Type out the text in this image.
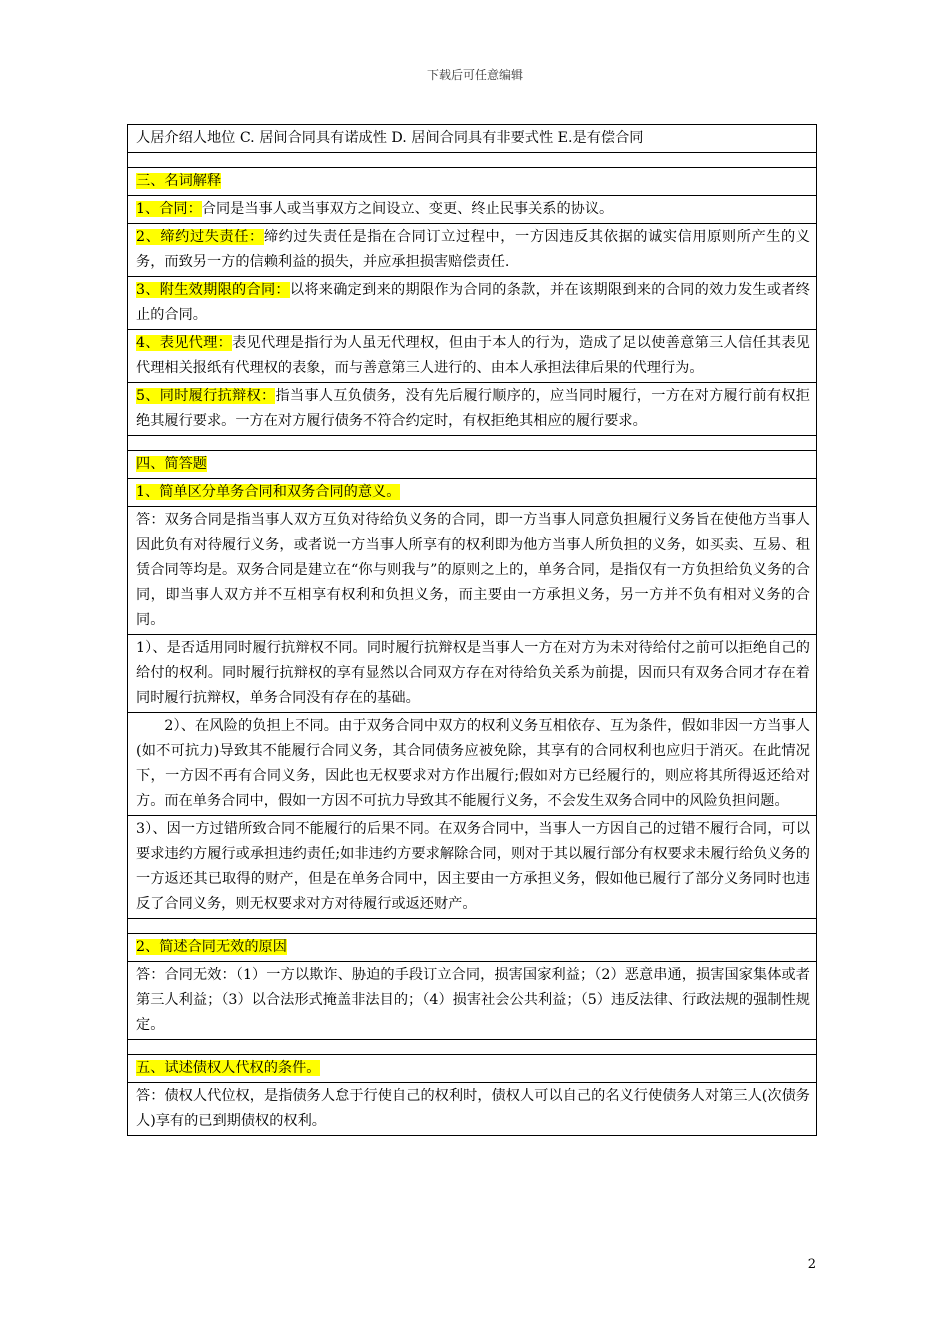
下载后可任意编辑
人居介绍人地位 C. 居间合同具有诺成性 D. 居间合同具有非要式性 E.是有偿合同

三、名词解释
1、合同：合同是当事人或当事双方之间设立、变更、终止民事关系的协议。
2、缔约过失责任：缔约过失责任是指在合同订立过程中，一方因违反其依据的诚实信用原则所产生的义务，而致另一方的信赖利益的损失，并应承担损害赔偿责任.
3、附生效期限的合同：以将来确定到来的期限作为合同的条款，并在该期限到来的合同的效力发生或者终止的合同。
4、表见代理：表见代理是指行为人虽无代理权，但由于本人的行为，造成了足以使善意第三人信任其表见代理相关报纸有代理权的表象，而与善意第三人进行的、由本人承担法律后果的代理行为。
5、同时履行抗辩权：指当事人互负债务，没有先后履行顺序的，应当同时履行，一方在对方履行前有权拒绝其履行要求。一方在对方履行债务不符合约定时，有权拒绝其相应的履行要求。

四、简答题
1、简单区分单务合同和双务合同的意义。
答：双务合同是指当事人双方互负对待给负义务的合同，即一方当事人同意负担履行义务旨在使他方当事人因此负有对待履行义务，或者说一方当事人所享有的权利即为他方当事人所负担的义务，如买卖、互易、租赁合同等均是。双务合同是建立在“你与则我与”的原则之上的，单务合同，是指仅有一方负担给负义务的合同，即当事人双方并不互相享有权利和负担义务，而主要由一方承担义务，另一方并不负有相对义务的合同。
1）、是否适用同时履行抗辩权不同。同时履行抗辩权是当事人一方在对方为未对待给付之前可以拒绝自己的给付的权利。同时履行抗辩权的享有显然以合同双方存在对待给负关系为前提，因而只有双务合同才存在着同时履行抗辩权，单务合同没有存在的基础。
2）、在风险的负担上不同。由于双务合同中双方的权利义务互相依存、互为条件，假如非因一方当事人(如不可抗力)导致其不能履行合同义务，其合同债务应被免除，其享有的合同权利也应归于消灭。在此情况下，一方因不再有合同义务，因此也无权要求对方作出履行;假如对方已经履行的，则应将其所得返还给对方。而在单务合同中，假如一方因不可抗力导致其不能履行义务，不会发生双务合同中的风险负担问题。
3）、因一方过错所致合同不能履行的后果不同。在双务合同中，当事人一方因自己的过错不履行合同，可以要求违约方履行或承担违约责任;如非违约方要求解除合同，则对于其以履行部分有权要求未履行给负义务的一方返还其已取得的财产，但是在单务合同中，因主要由一方承担义务，假如他已履行了部分义务同时也违反了合同义务，则无权要求对方对待履行或返还财产。

2、简述合同无效的原因
答：合同无效：（1）一方以欺诈、胁迫的手段订立合同，损害国家利益；（2）恶意串通，损害国家集体或者第三人利益；（3）以合法形式掩盖非法目的；（4）损害社会公共利益；（5）违反法律、行政法规的强制性规定。

五、试述债权人代权的条件。
答：债权人代位权，是指债务人怠于行使自己的权利时，债权人可以自己的名义行使债务人对第三人(次债务人)享有的已到期债权的权利。
2
